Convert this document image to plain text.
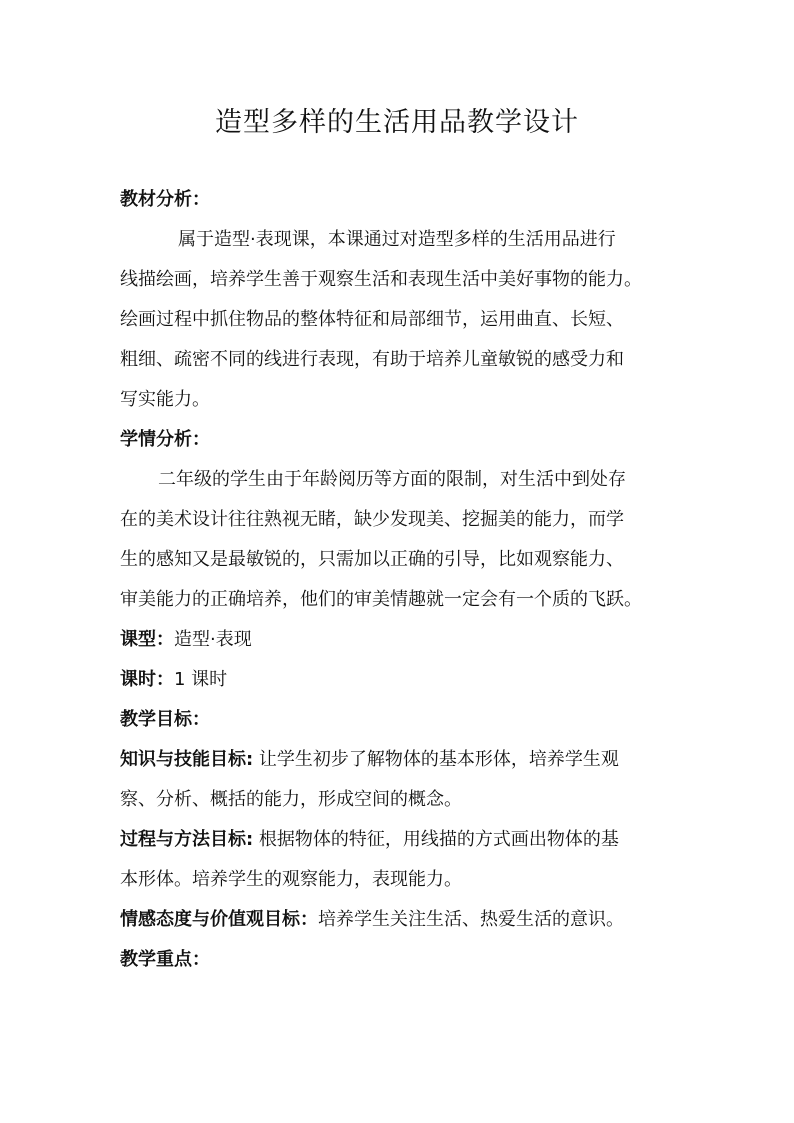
造型多样的生活用品教学设计
教材分析：
属于造型·表现课，本课通过对造型多样的生活用品进行
线描绘画，培养学生善于观察生活和表现生活中美好事物的能力。
绘画过程中抓住物品的整体特征和局部细节，运用曲直、长短、
粗细、疏密不同的线进行表现，有助于培养儿童敏锐的感受力和
写实能力。
学情分析：
二年级的学生由于年龄阅历等方面的限制，对生活中到处存
在的美术设计往往熟视无睹，缺少发现美、挖掘美的能力，而学
生的感知又是最敏锐的，只需加以正确的引导，比如观察能力、
审美能力的正确培养，他们的审美情趣就一定会有一个质的飞跃。
课型：造型·表现
课时：1 课时
教学目标：
知识与技能目标: 让学生初步了解物体的基本形体，培养学生观
察、分析、概括的能力，形成空间的概念。
过程与方法目标: 根据物体的特征，用线描的方式画出物体的基
本形体。培养学生的观察能力，表现能力。
情感态度与价值观目标：培养学生关注生活、热爱生活的意识。
教学重点：
